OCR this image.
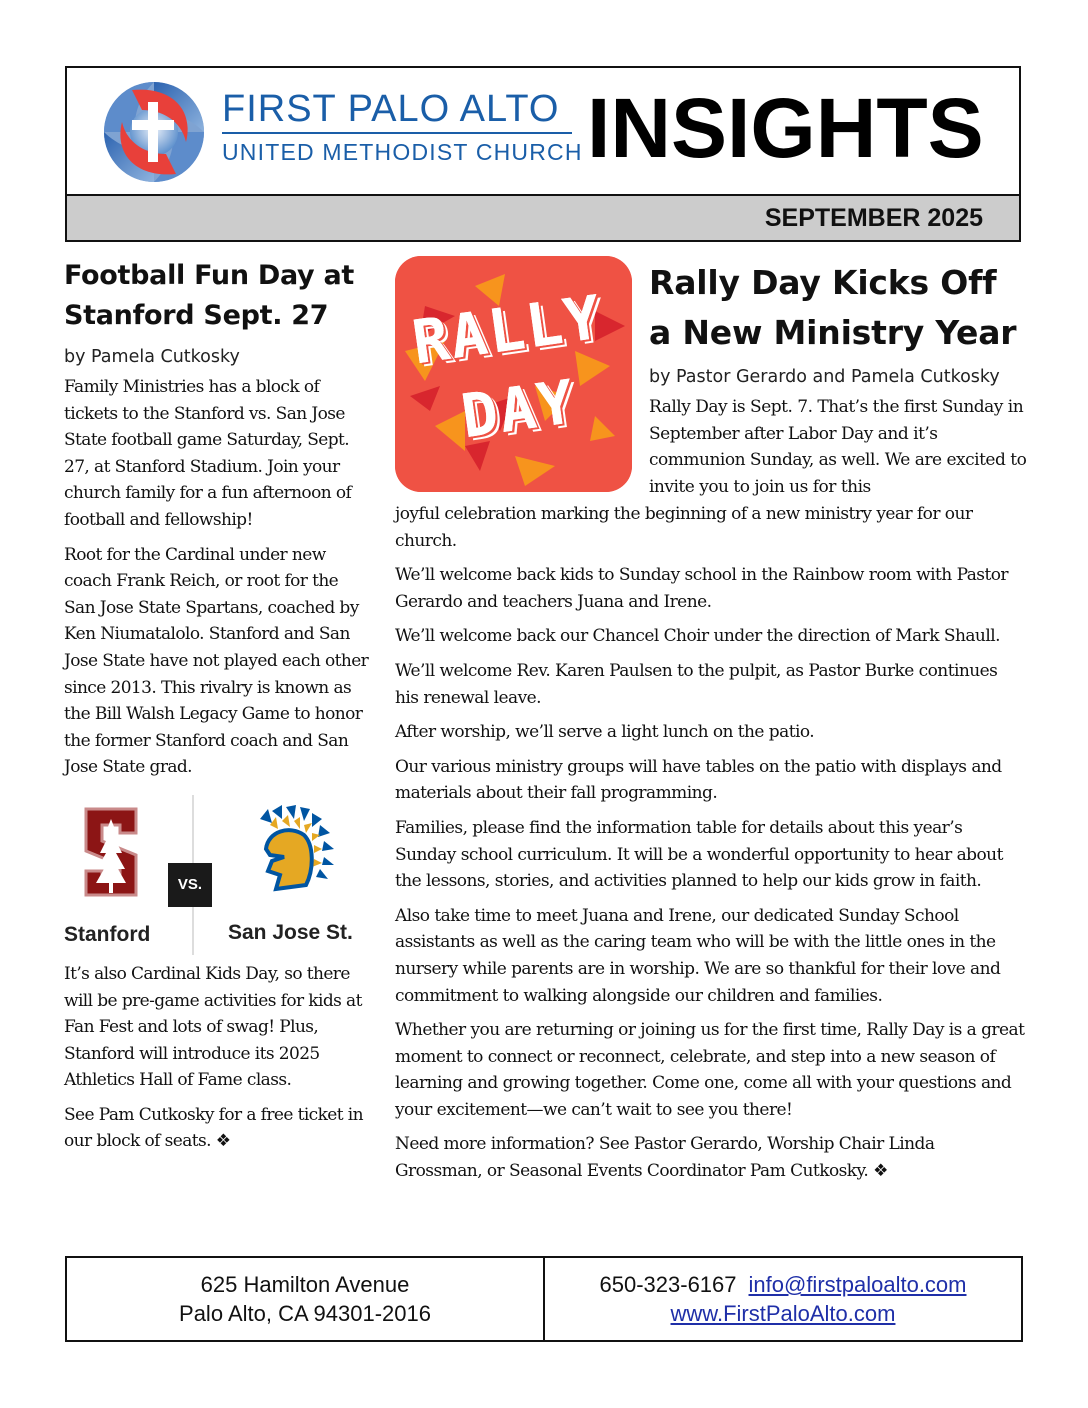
FIRST PALO ALTO
UNITED METHODIST CHURCH INSIGHTS
SEPTEMBER 2025
Football Fun Day at Stanford Sept. 27
by Pamela Cutkosky

Family Ministries has a block of tickets to the Stanford vs. San Jose State football game Saturday, Sept. 27, at Stanford Stadium. Join your church family for a fun afternoon of football and fellowship!

Root for the Cardinal under new coach Frank Reich, or root for the San Jose State Spartans, coached by Ken Niumatalolo. Stanford and San Jose State have not played each other since 2013. This rivalry is known as the Bill Walsh Legacy Game to honor the former Stanford coach and San Jose State grad.

VS.
Stanford	San Jose St.

It’s also Cardinal Kids Day, so there will be pre-game activities for kids at Fan Fest and lots of swag! Plus, Stanford will introduce its 2025 Athletics Hall of Fame class.

See Pam Cutkosky for a free ticket in our block of seats. ❖

RALLY DAY
Rally Day Kicks Off a New Ministry Year
by Pastor Gerardo and Pamela Cutkosky

Rally Day is Sept. 7. That’s the first Sunday in September after Labor Day and it’s communion Sunday, as well. We are excited to invite you to join us for this

joyful celebration marking the beginning of a new ministry year for our church.

We’ll welcome back kids to Sunday school in the Rainbow room with Pastor Gerardo and teachers Juana and Irene.

We’ll welcome back our Chancel Choir under the direction of Mark Shaull.

We’ll welcome Rev. Karen Paulsen to the pulpit, as Pastor Burke continues his renewal leave.

After worship, we’ll serve a light lunch on the patio.

Our various ministry groups will have tables on the patio with displays and materials about their fall programming.

Families, please find the information table for details about this year’s Sunday school curriculum. It will be a wonderful opportunity to hear about the lessons, stories, and activities planned to help our kids grow in faith.

Also take time to meet Juana and Irene, our dedicated Sunday School assistants as well as the caring team who will be with the little ones in the nursery while parents are in worship. We are so thankful for their love and commitment to walking alongside our children and families.

Whether you are returning or joining us for the first time, Rally Day is a great moment to connect or reconnect, celebrate, and step into a new season of learning and growing together. Come one, come all with your questions and your excitement—we can’t wait to see you there!

Need more information? See Pastor Gerardo, Worship Chair Linda Grossman, or Seasonal Events Coordinator Pam Cutkosky. ❖

625 Hamilton Avenue
Palo Alto, CA 94301-2016
650-323-6167 info@firstpaloalto.com
www.FirstPaloAlto.com
